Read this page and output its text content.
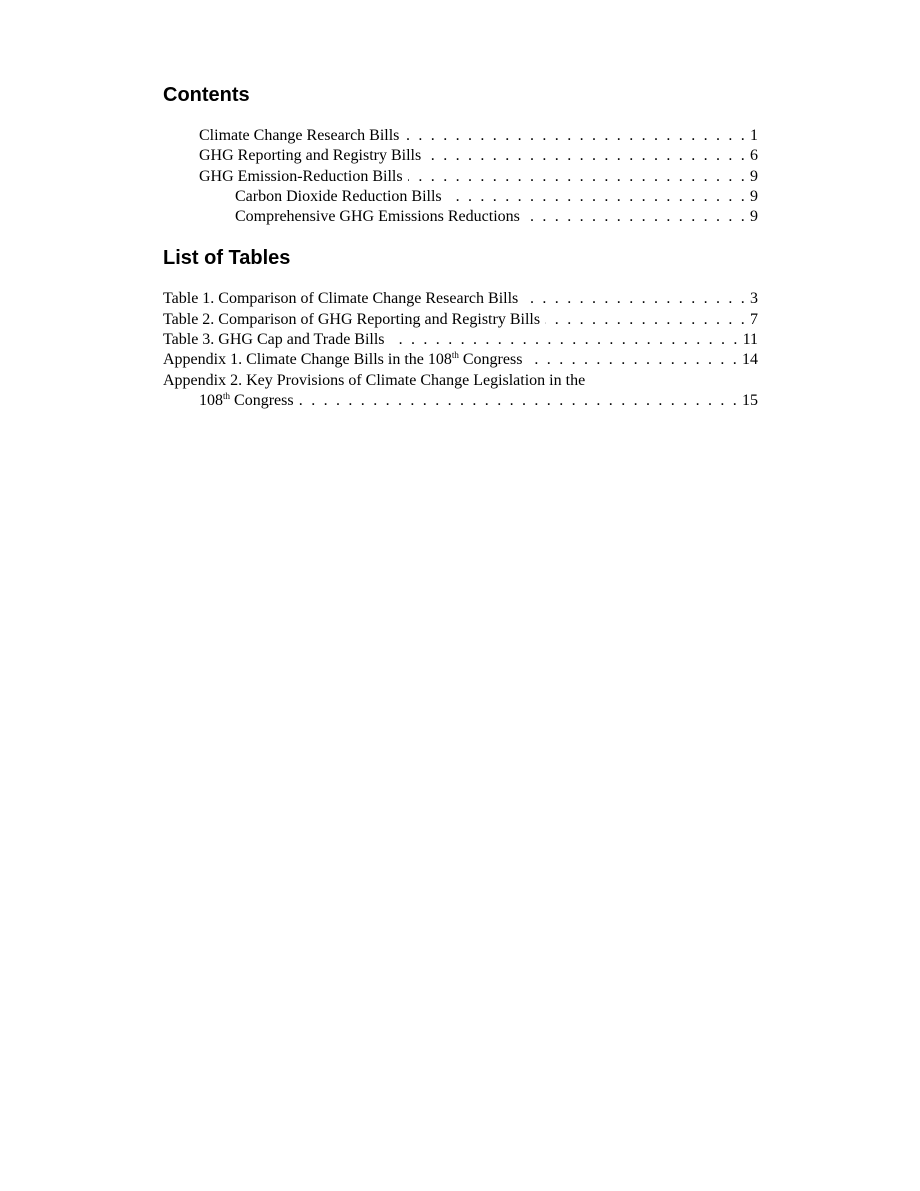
Contents
Climate Change Research Bills . . .	1
GHG Reporting and Registry Bills . . .	6
GHG Emission-Reduction Bills . . .	9
Carbon Dioxide Reduction Bills . . .	9
Comprehensive GHG Emissions Reductions . . .	9
List of Tables
Table 1. Comparison of Climate Change Research Bills . . .	3
Table 2. Comparison of GHG Reporting and Registry Bills . . .	7
Table 3. GHG Cap and Trade Bills . . .	11
Appendix 1. Climate Change Bills in the 108th Congress . . .	14
Appendix 2. Key Provisions of Climate Change Legislation in the
108th Congress . . .	15
